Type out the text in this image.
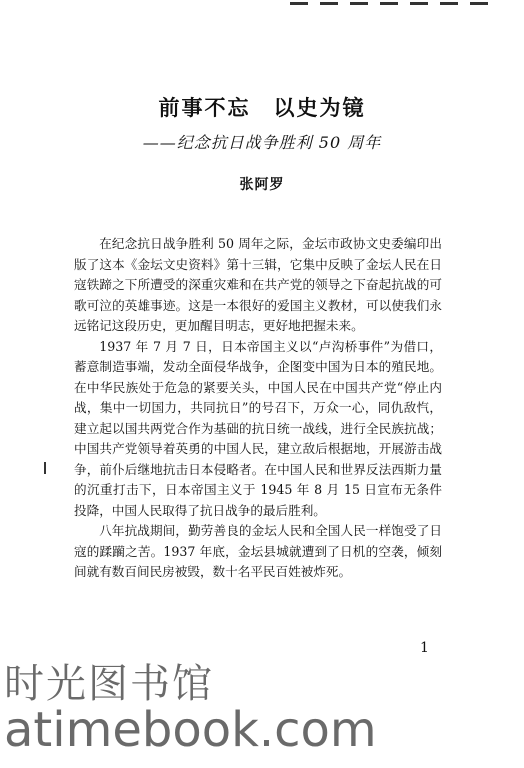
前事不忘　以史为镜
——纪念抗日战争胜利 50 周年
张阿罗

在纪念抗日战争胜利 50 周年之际，金坛市政协文史委编印出版了这本《金坛文史资料》第十三辑，它集中反映了金坛人民在日寇铁蹄之下所遭受的深重灾难和在共产党的领导之下奋起抗战的可歌可泣的英雄事迹。这是一本很好的爱国主义教材，可以使我们永远铭记这段历史，更加醒目明志，更好地把握未来。

1937 年 7 月 7 日，日本帝国主义以“卢沟桥事件”为借口，蓄意制造事端，发动全面侵华战争，企图变中国为日本的殖民地。在中华民族处于危急的紧要关头，中国人民在中国共产党“停止内战，集中一切国力，共同抗日”的号召下，万众一心，同仇敌忾，建立起以国共两党合作为基础的抗日统一战线，进行全民族抗战；中国共产党领导着英勇的中国人民，建立敌后根据地，开展游击战争，前仆后继地抗击日本侵略者。在中国人民和世界反法西斯力量的沉重打击下，日本帝国主义于 1945 年 8 月 15 日宣布无条件投降，中国人民取得了抗日战争的最后胜利。

八年抗战期间，勤劳善良的金坛人民和全国人民一样饱受了日寇的蹂躏之苦。1937 年底，金坛县城就遭到了日机的空袭，倾刻间就有数百间民房被毁，数十名平民百姓被炸死。

1
时光图书馆
atimebook.com
